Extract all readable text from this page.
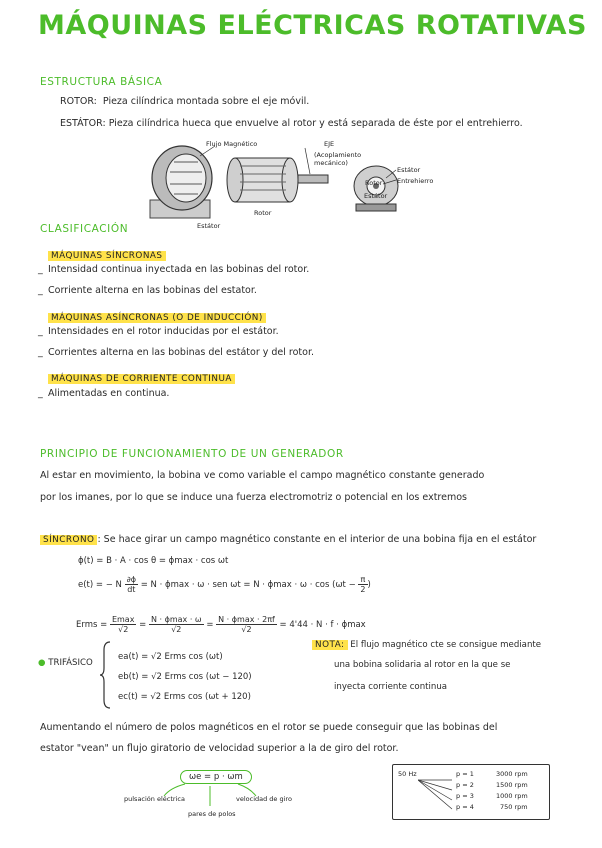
MÁQUINAS ELÉCTRICAS ROTATIVAS
ESTRUCTURA BÁSICA
ROTOR: Pieza cilíndrica montada sobre el eje móvil.
ESTÁTOR: Pieza cilíndrica hueca que envuelve al rotor y está separada de éste por el entrehierro.
Flujo Magnético	EJE
(Acoplamiento mecánico)
Rotor
Estátor
Estátor
Entrehierro
Rotor
Estátor
CLASIFICACIÓN
MÁQUINAS SÍNCRONAS
_ Intensidad continua inyectada en las bobinas del rotor.
_ Corriente alterna en las bobinas del estator.
MÁQUINAS ASÍNCRONAS (O DE INDUCCIÓN)
_ Intensidades en el rotor inducidas por el estátor.
_ Corrientes alterna en las bobinas del estátor y del rotor.
MÁQUINAS DE CORRIENTE CONTINUA
_ Alimentadas en continua.
PRINCIPIO DE FUNCIONAMIENTO DE UN GENERADOR
Al estar en movimiento, la bobina ve como variable el campo magnético constante generado
por los imanes, por lo que se induce una fuerza electromotriz o potencial en los extremos
SÍNCRONO : Se hace girar un campo magnético constante en el interior de una bobina fija en el estátor
ϕ(t) = B · A · cos θ = ϕmax · cos ωt
e(t) = − N $\frac{\partial\phi}{dt} = N \cdot \phi\max \cdot \omega$ · sen $\omega t = N \cdot \phi\max \cdot \omega \cdot \cos (\omega t - \frac{\pi}{2}$ )
Erms = $\frac{Emax}{√2} = \frac{N \cdot \phi\max \cdot \omega}{√2} = \frac{N \cdot \phi\max \cdot 2\pi f}{√2} = 4'44 \cdot N \cdot f \cdot \phi\max$
● TRIFÁSICO
ea(t) = √2 Erms cos (ωt)
eb(t) = √2 Erms cos (ωt − 120)
ec(t) = √2 Erms cos (ωt + 120)
NOTA: El flujo magnético cte se consigue mediante
una bobina solidaria al rotor en la que se
inyecta corriente continua
Aumentando el número de polos magnéticos en el rotor se puede conseguir que las bobinas del
estator "vean" un flujo giratorio de velocidad superior a la de giro del rotor.
ωe = p · ωm
pulsación eléctrica	velocidad de giro
pares de polos
50 Hz	p = 1	3000 rpm
p = 2	1500 rpm
p = 3	1000 rpm
p = 4	750 rpm
